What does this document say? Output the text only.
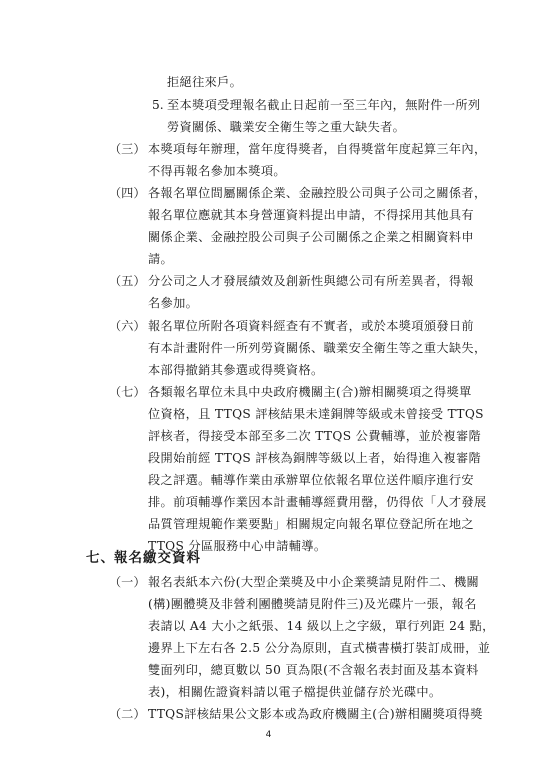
拒絕往來戶。
5. 至本獎項受理報名截止日起前一至三年內，無附件一所列
勞資關係、職業安全衛生等之重大缺失者。
（三） 本獎項每年辦理，當年度得獎者，自得獎當年度起算三年內，
不得再報名參加本獎項。
（四） 各報名單位間屬關係企業、金融控股公司與子公司之關係者，
報名單位應就其本身營運資料提出申請，不得採用其他具有
關係企業、金融控股公司與子公司關係之企業之相關資料申
請。
（五） 分公司之人才發展績效及創新性與總公司有所差異者，得報
名參加。
（六） 報名單位所附各項資料經查有不實者，或於本獎項頒發日前
有本計畫附件一所列勞資關係、職業安全衛生等之重大缺失，
本部得撤銷其參選或得獎資格。
（七） 各類報名單位未具中央政府機關主(合)辦相關獎項之得獎單
位資格，且 TTQS 評核結果未達銅牌等級或未曾接受 TTQS
評核者，得接受本部至多二次 TTQS 公費輔導，並於複審階
段開始前經 TTQS 評核為銅牌等級以上者，始得進入複審階
段之評選。輔導作業由承辦單位依報名單位送件順序進行安
排。前項輔導作業因本計畫輔導經費用罄，仍得依「人才發展
品質管理規範作業要點」相關規定向報名單位登記所在地之
TTQS 分區服務中心申請輔導。
七、 報名繳交資料
（一） 報名表紙本六份(大型企業獎及中小企業獎請見附件二、機關
(構)團體獎及非營利團體獎請見附件三)及光碟片一張，報名
表請以 A4 大小之紙張、14 級以上之字級，單行列距 24 點，
邊界上下左右各 2.5 公分為原則，直式橫書橫打裝訂成冊，並
雙面列印，總頁數以 50 頁為限(不含報名表封面及基本資料
表)，相關佐證資料請以電子檔提供並儲存於光碟中。
（二） TTQS評核結果公文影本或為政府機關主(合)辦相關獎項得獎
4
